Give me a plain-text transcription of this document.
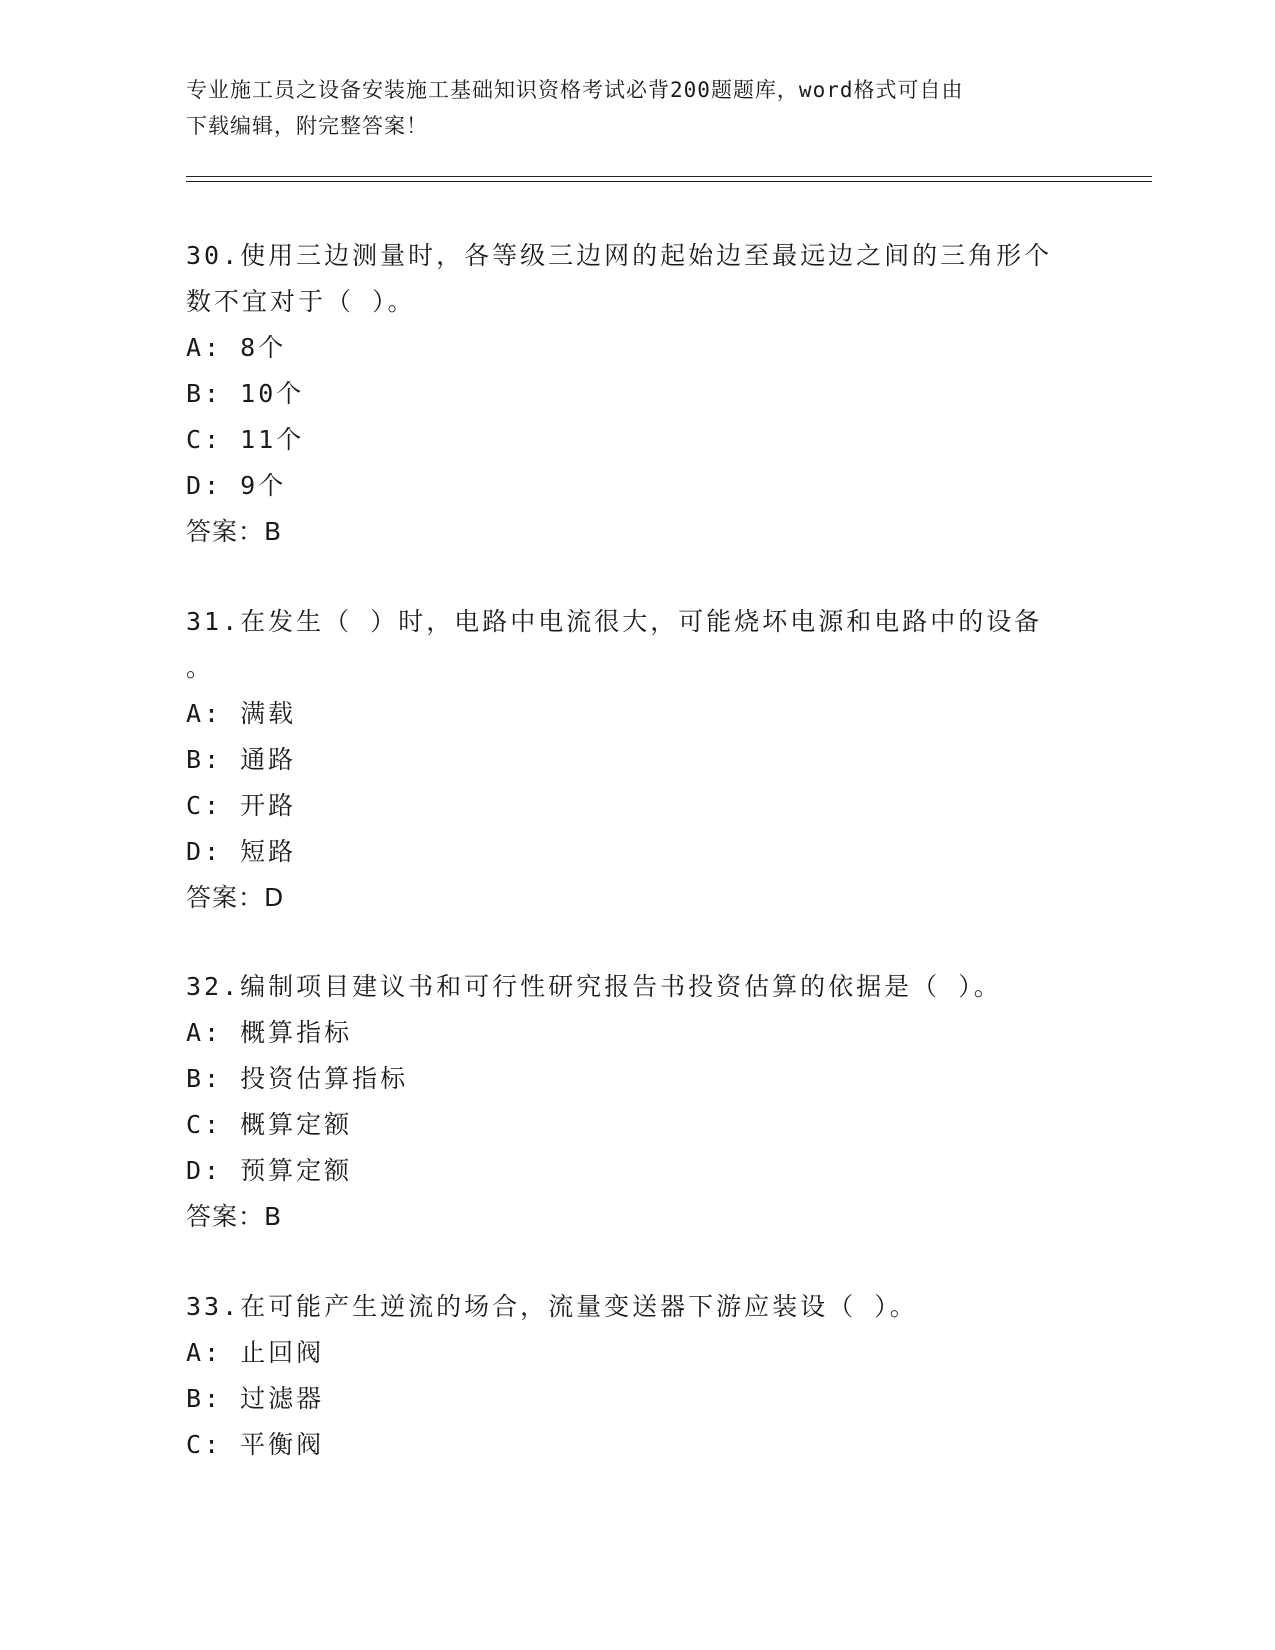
专业施工员之设备安装施工基础知识资格考试必背200题题库，word格式可自由
下载编辑，附完整答案！
30.使用三边测量时，各等级三边网的起始边至最远边之间的三角形个
数不宜对于（ ）。
A: 8个
B: 10个
C: 11个
D: 9个
答案：B
31.在发生（ ）时，电路中电流很大，可能烧坏电源和电路中的设备
。
A: 满载
B: 通路
C: 开路
D: 短路
答案：D
32.编制项目建议书和可行性研究报告书投资估算的依据是（ ）。
A: 概算指标
B: 投资估算指标
C: 概算定额
D: 预算定额
答案：B
33.在可能产生逆流的场合，流量变送器下游应装设（ ）。
A: 止回阀
B: 过滤器
C: 平衡阀
